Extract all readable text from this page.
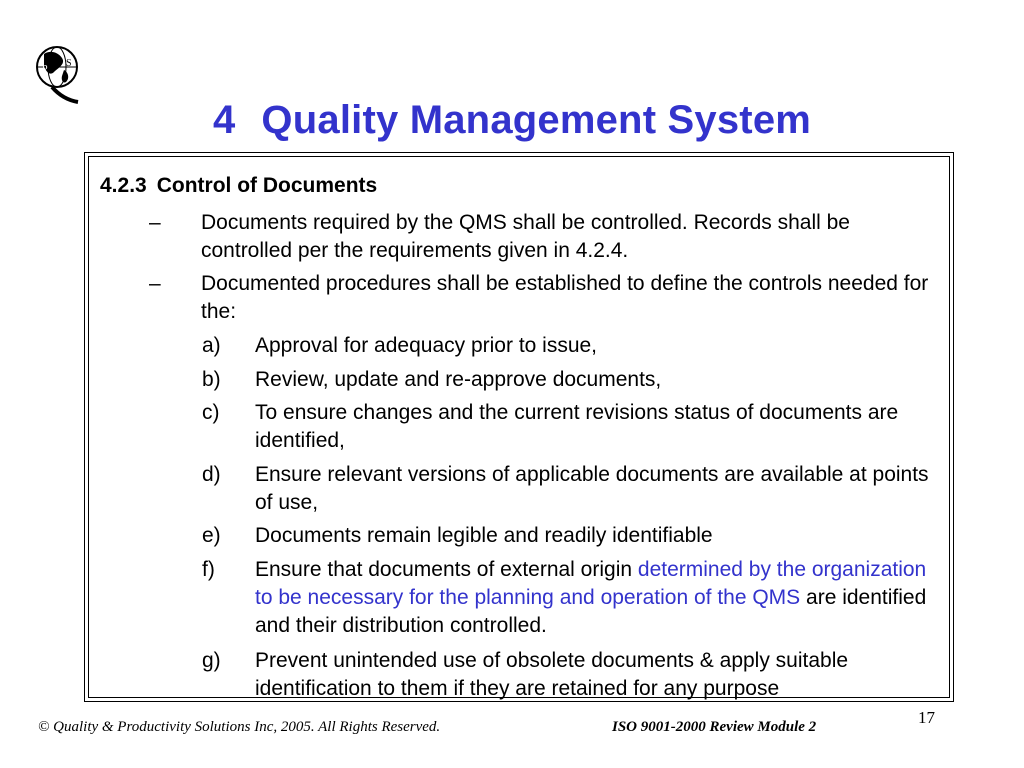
P
S
4 Quality Management System
4.2.3 Control of Documents
– Documents required by the QMS shall be controlled. Records shall be controlled per the requirements given in 4.2.4.
– Documented procedures shall be established to define the controls needed for the:
a) Approval for adequacy prior to issue,
b) Review, update and re-approve documents,
c) To ensure changes and the current revisions status of documents are identified,
d) Ensure relevant versions of applicable documents are available at points of use,
e) Documents remain legible and readily identifiable
f) Ensure that documents of external origin determined by the organization to be necessary for the planning and operation of the QMS are identified and their distribution controlled.
g) Prevent unintended use of obsolete documents & apply suitable identification to them if they are retained for any purpose
© Quality & Productivity Solutions Inc, 2005. All Rights Reserved.	ISO 9001-2000 Review Module 2	17
